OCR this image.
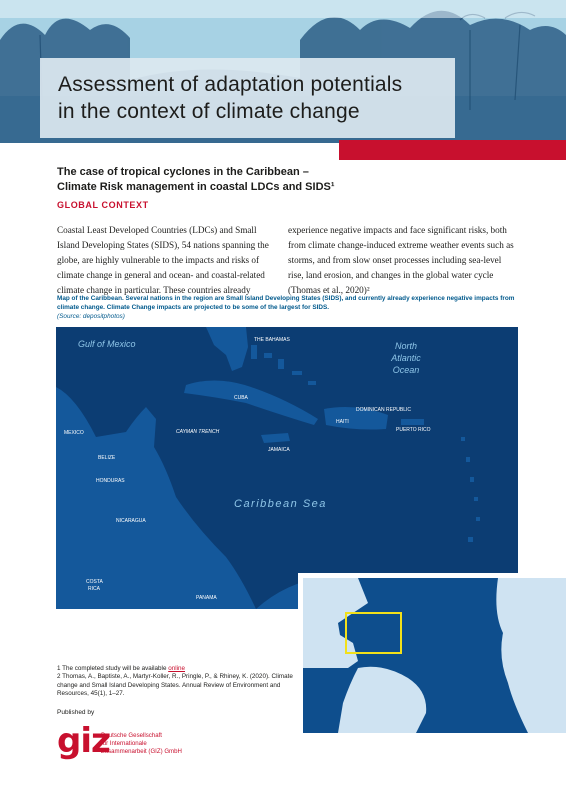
Assessment of adaptation potentials
in the context of climate change
The case of tropical cyclones in the Caribbean –
Climate Risk management in coastal LDCs and SIDS¹
GLOBAL CONTEXT
Coastal Least Developed Countries (LDCs) and Small Island Developing States (SIDS), 54 nations spanning the globe, are highly vulnerable to the impacts and risks of climate change in general and ocean- and coastal-related climate change in particular. These countries already
experience negative impacts and face significant risks, both from climate change-induced extreme weather events such as storms, and from slow onset processes including sea-level rise, land erosion, and changes in the global water cycle (Thomas et al., 2020)²
Map of the Caribbean. Several nations in the region are Small Island Developing States (SIDS), and currently already experience negative impacts from climate change. Climate Change impacts are projected to be some of the largest for SIDS.
(Source: depositphotos)
Gulf of Mexico	North
Atlantic
Ocean
Caribbean Sea
THE BAHAMAS
CUBA
JAMAICA
MEXICO
HONDURAS
NICARAGUA
COSTA
RICA
PANAMA
HAITI
DOMINICAN REPUBLIC
PUERTO RICO
CAYMAN TRENCH
BELIZE
1 The completed study will be available online
2 Thomas, A., Baptiste, A., Martyr-Koller, R., Pringle, P., & Rhiney, K. (2020). Climate change and Small Island Developing States. Annual Review of Environment and Resources, 45(1), 1–27.
Published by
giz
Deutsche Gesellschaft
für Internationale
Zusammenarbeit (GIZ) GmbH
